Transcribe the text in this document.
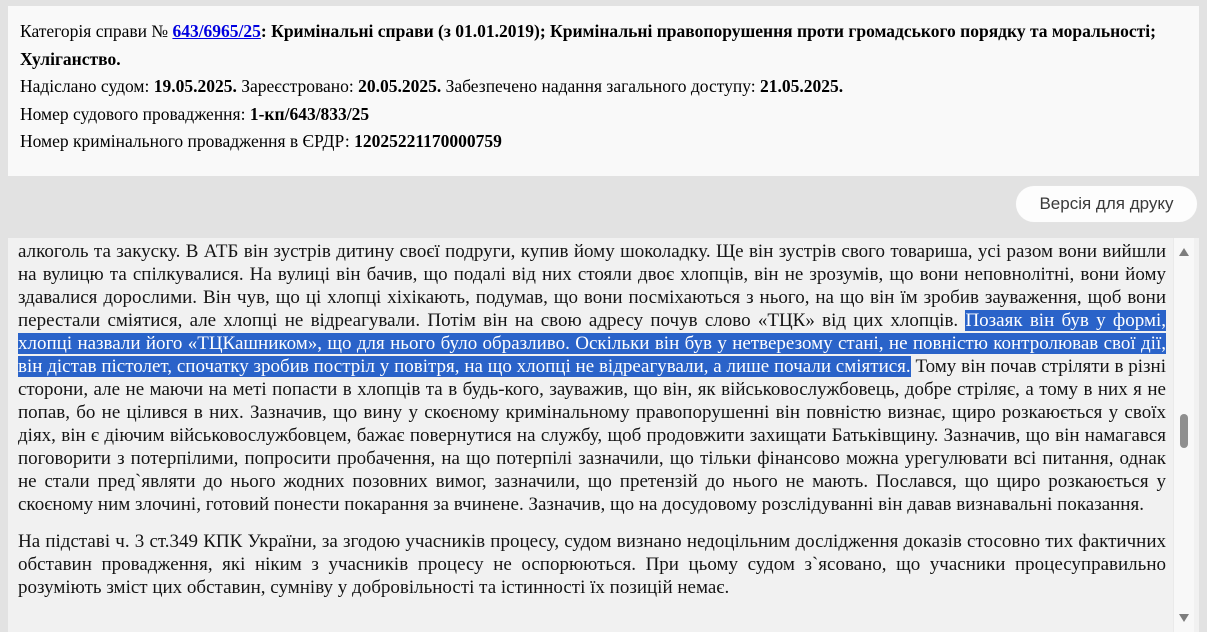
Категорія справи № 643/6965/25: Кримінальні справи (з 01.01.2019); Кримінальні правопорушення проти громадського порядку та моральності; Хуліганство.

Надіслано судом: 19.05.2025. Зареєстровано: 20.05.2025. Забезпечено надання загального доступу: 21.05.2025.

Номер судового провадження: 1-кп/643/833/25

Номер кримінального провадження в ЄРДР: 12025221170000759

Версія для друку

алкоголь та закуску. В АТБ він зустрів дитину своєї подруги, купив йому шоколадку. Ще він зустрів свого товариша, усі разом вони вийшли на вулицю та спілкувалися. На вулиці він бачив, що подалі від них стояли двоє хлопців, він не зрозумів, що вони неповнолітні, вони йому здавалися дорослими. Він чув, що ці хлопці хіхікають, подумав, що вони посміхаються з нього, на що він їм зробив зауваження, щоб вони перестали сміятися, але хлопці не відреагували. Потім він на свою адресу почув слово «ТЦК» від цих хлопців. Позаяк він був у формі, хлопці назвали його «ТЦКашником», що для нього було образливо. Оскільки він був у нетверезому стані, не повністю контролював свої дії, він дістав пістолет, спочатку зробив постріл у повітря, на що хлопці не відреагували, а лише почали сміятися. Тому він почав стріляти в різні сторони, але не маючи на меті попасти в хлопців та в будь-кого, зауважив, що він, як військовослужбовець, добре стріляє, а тому в них я не попав, бо не цілився в них. Зазначив, що вину у скоєному кримінальному правопорушенні він повністю визнає, щиро розкаюється у своїх діях, він є діючим військовослужбовцем, бажає повернутися на службу, щоб продовжити захищати Батьківщину. Зазначив, що він намагався поговорити з потерпілими, попросити пробачення, на що потерпілі зазначили, що тільки фінансово можна урегулювати всі питання, однак не стали пред`являти до нього жодних позовних вимог, зазначили, що претензій до нього не мають. Послався, що щиро розкаюється у скоєному ним злочині, готовий понести покарання за вчинене. Зазначив, що на досудовому розслідуванні він давав визнавальні показання.

На підставі ч. 3 ст.349 КПК України, за згодою учасників процесу, судом визнано недоцільним дослідження доказів стосовно тих фактичних обставин провадження, які ніким з учасників процесу не оспорюються. При цьому судом з`ясовано, що учасники процесуправильно розуміють зміст цих обставин, сумніву у добровільності та істинності їх позицій немає.
